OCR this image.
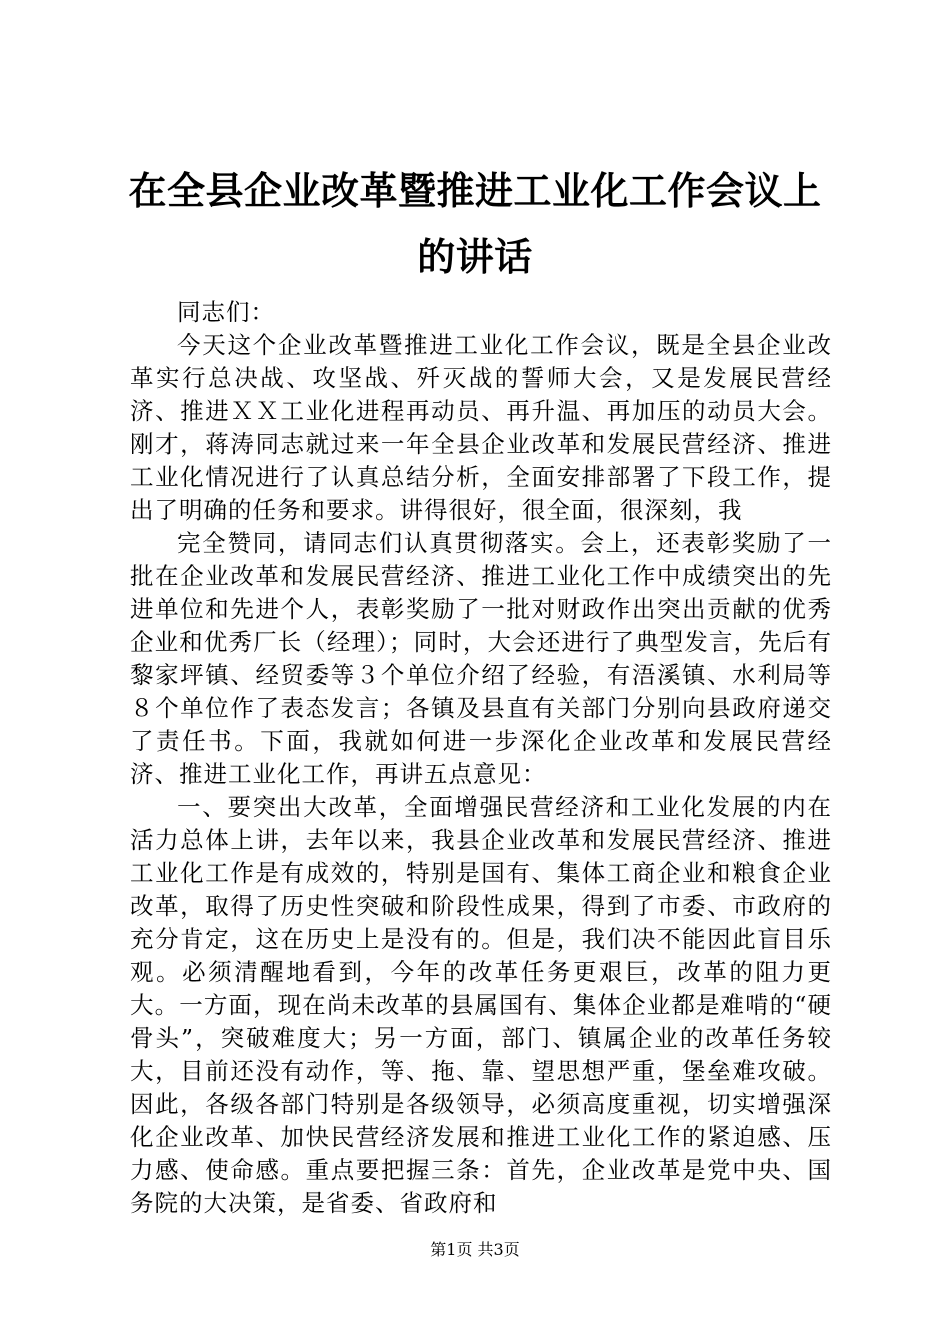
在全县企业改革暨推进工业化工作会议上的讲话

同志们：

今天这个企业改革暨推进工业化工作会议，既是全县企业改革实行总决战、攻坚战、歼灭战的誓师大会，又是发展民营经济、推进ＸＸ工业化进程再动员、再升温、再加压的动员大会。刚才，蒋涛同志就过来一年全县企业改革和发展民营经济、推进工业化情况进行了认真总结分析，全面安排部署了下段工作，提出了明确的任务和要求。讲得很好，很全面，很深刻，我

完全赞同，请同志们认真贯彻落实。会上，还表彰奖励了一批在企业改革和发展民营经济、推进工业化工作中成绩突出的先进单位和先进个人，表彰奖励了一批对财政作出突出贡献的优秀企业和优秀厂长（经理）；同时，大会还进行了典型发言，先后有黎家坪镇、经贸委等３个单位介绍了经验，有浯溪镇、水利局等８个单位作了表态发言；各镇及县直有关部门分别向县政府递交了责任书。下面，我就如何进一步深化企业改革和发展民营经济、推进工业化工作，再讲五点意见：

一、要突出大改革，全面增强民营经济和工业化发展的内在活力总体上讲，去年以来，我县企业改革和发展民营经济、推进工业化工作是有成效的，特别是国有、集体工商企业和粮食企业改革，取得了历史性突破和阶段性成果，得到了市委、市政府的充分肯定，这在历史上是没有的。但是，我们决不能因此盲目乐观。必须清醒地看到，今年的改革任务更艰巨，改革的阻力更大。一方面，现在尚未改革的县属国有、集体企业都是难啃的“硬骨头”，突破难度大；另一方面，部门、镇属企业的改革任务较大，目前还没有动作，等、拖、靠、望思想严重，堡垒难攻破。因此，各级各部门特别是各级领导，必须高度重视，切实增强深化企业改革、加快民营经济发展和推进工业化工作的紧迫感、压力感、使命感。重点要把握三条：首先，企业改革是党中央、国务院的大决策，是省委、省政府和

第1页 共3页
